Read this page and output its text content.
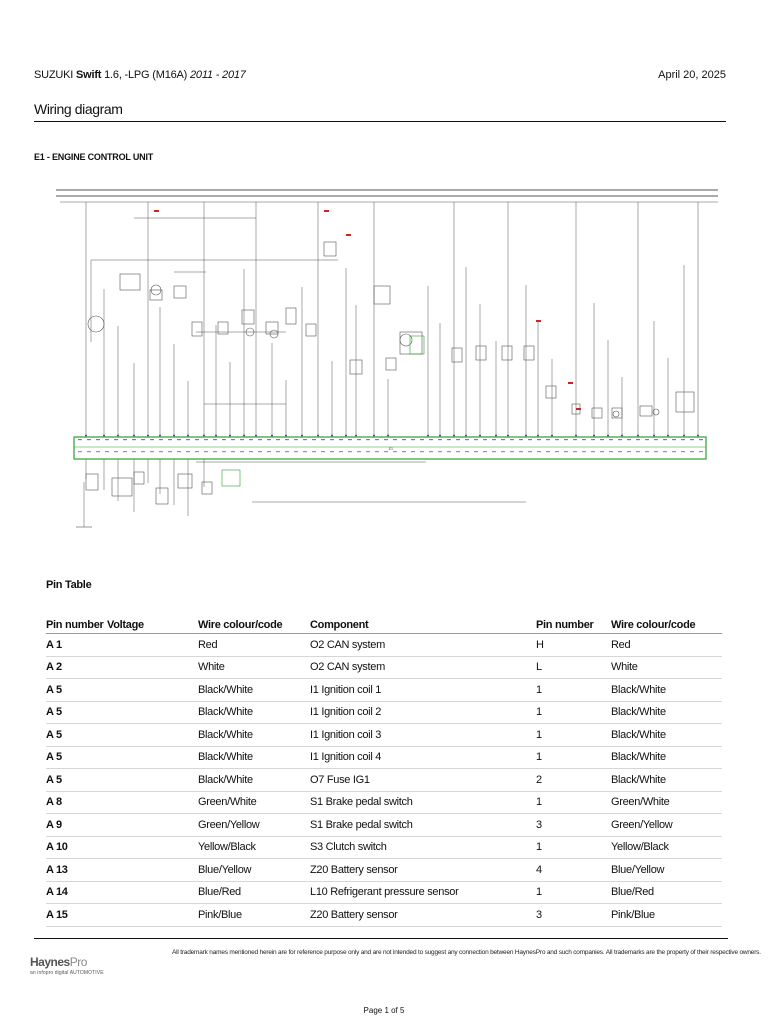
SUZUKI Swift 1.6, -LPG (M16A) 2011 - 2017	April 20, 2025
Wiring diagram
E1 - ENGINE CONTROL UNIT
E1
Pin Table
Pin number	Voltage	Wire colour/code	Component	Pin number	Wire colour/code
A 1		Red	O2 CAN system	H	Red
A 2		White	O2 CAN system	L	White
A 5		Black/White	I1 Ignition coil 1	1	Black/White
A 5		Black/White	I1 Ignition coil 2	1	Black/White
A 5		Black/White	I1 Ignition coil 3	1	Black/White
A 5		Black/White	I1 Ignition coil 4	1	Black/White
A 5		Black/White	O7 Fuse IG1	2	Black/White
A 8		Green/White	S1 Brake pedal switch	1	Green/White
A 9		Green/Yellow	S1 Brake pedal switch	3	Green/Yellow
A 10		Yellow/Black	S3 Clutch switch	1	Yellow/Black
A 13		Blue/Yellow	Z20 Battery sensor	4	Blue/Yellow
A 14		Blue/Red	L10 Refrigerant pressure sensor	1	Blue/Red
A 15		Pink/Blue	Z20 Battery sensor	3	Pink/Blue
HaynesPro
an infopro digital AUTOMOTIVE
All trademark names mentioned herein are for reference purpose only and are not intended to suggest any connection between HaynesPro and such companies. All trademarks are the property of their respective owners.
Page 1 of 5
